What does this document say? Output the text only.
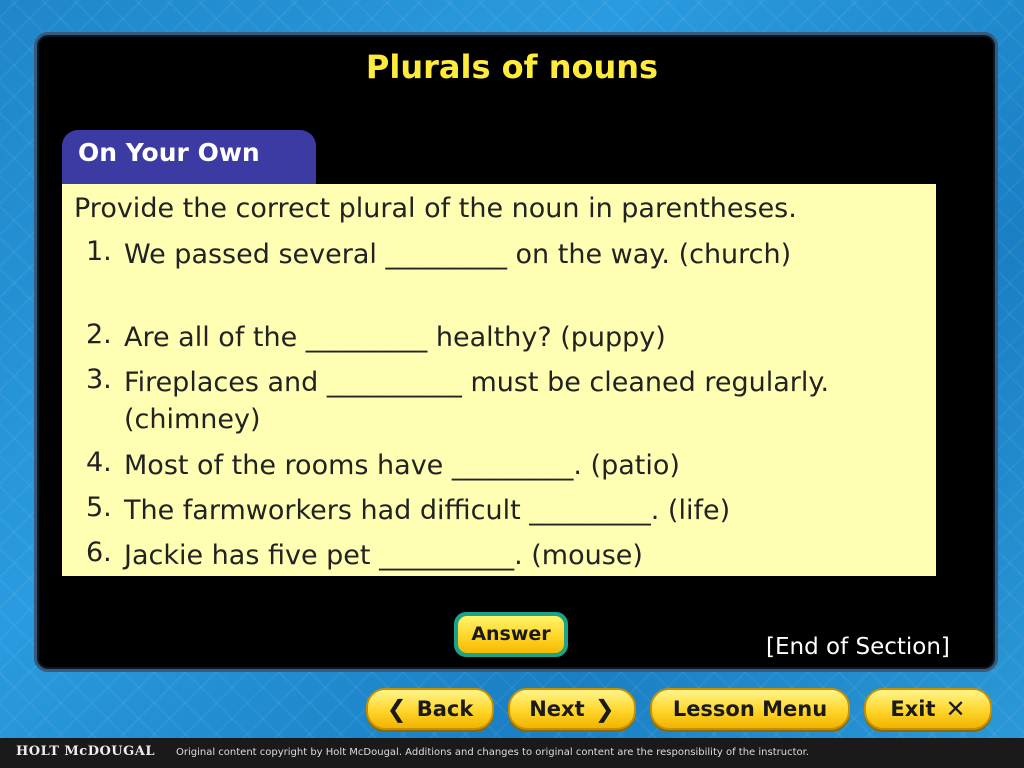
Plurals of nouns
On Your Own
Provide the correct plural of the noun in parentheses.
1. We passed several _________ on the way. (church)
2. Are all of the _________ healthy? (puppy)
3. Fireplaces and __________ must be cleaned regularly. (chimney)
4. Most of the rooms have _________. (patio)
5. The farmworkers had difficult _________. (life)
6. Jackie has five pet __________. (mouse)
Answer	[End of Section]
❮ Back	Next ❯	Lesson Menu	Exit ✕
HOLT McDOUGAL Original content copyright by Holt McDougal. Additions and changes to original content are the responsibility of the instructor.
